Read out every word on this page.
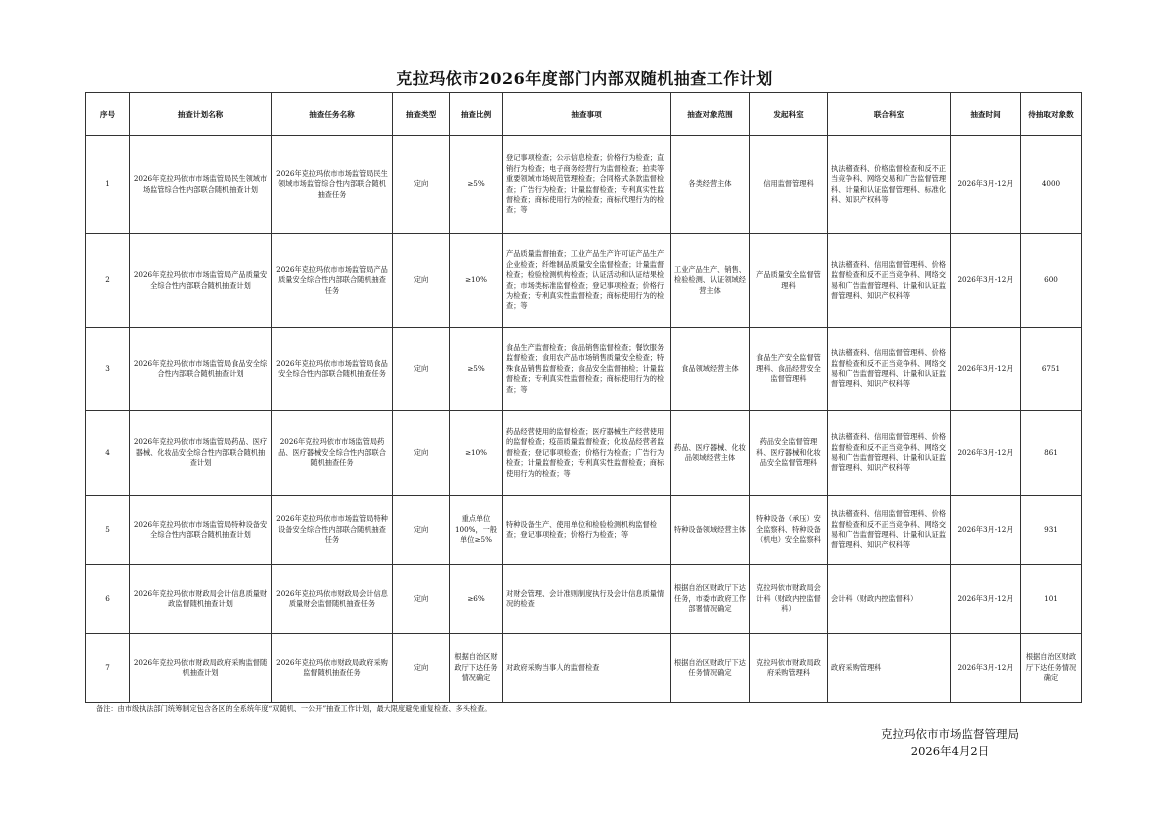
克拉玛依市2026年度部门内部双随机抽查工作计划
序号	抽查计划名称	抽查任务名称	抽查类型	抽查比例	抽查事项	抽查对象范围	发起科室	联合科室	抽查时间	待抽取对象数
1	2026年克拉玛依市市场监管局民生领域市场监管综合性内部联合随机抽查计划	2026年克拉玛依市市场监管局民生领域市场监管综合性内部联合随机抽查任务	定向	≥5%	登记事项检查；公示信息检查；价格行为检查；直销行为检查；电子商务经营行为监督检查；拍卖等重要领域市场规范管理检查；合同格式条款监督检查；广告行为检查；计量监督检查；专利真实性监督检查；商标使用行为的检查；商标代理行为的检查；等	各类经营主体	信用监督管理科	执法稽查科、价格监督检查和反不正当竞争科、网络交易和广告监督管理科、计量和认证监督管理科、标准化科、知识产权科等	2026年3月-12月	4000
2	2026年克拉玛依市市场监管局产品质量安全综合性内部联合随机抽查计划	2026年克拉玛依市市场监管局产品质量安全综合性内部联合随机抽查任务	定向	≥10%	产品质量监督抽查；工业产品生产许可证产品生产企业检查；纤维制品质量安全监督检查；计量监督检查；检验检测机构检查；认证活动和认证结果检查；市场类标准监督检查；登记事项检查；价格行为检查；专利真实性监督检查；商标使用行为的检查；等	工业产品生产、销售、检验检测、认证领域经营主体	产品质量安全监督管理科	执法稽查科、信用监督管理科、价格监督检查和反不正当竞争科、网络交易和广告监督管理科、计量和认证监督管理科、知识产权科等	2026年3月-12月	600
3	2026年克拉玛依市市场监管局食品安全综合性内部联合随机抽查计划	2026年克拉玛依市市场监管局食品安全综合性内部联合随机抽查任务	定向	≥5%	食品生产监督检查；食品销售监督检查；餐饮服务监督检查；食用农产品市场销售质量安全检查；特殊食品销售监督检查；食品安全监督抽检；计量监督检查；专利真实性监督检查；商标使用行为的检查；等	食品领域经营主体	食品生产安全监督管理科、食品经营安全监督管理科	执法稽查科、信用监督管理科、价格监督检查和反不正当竞争科、网络交易和广告监督管理科、计量和认证监督管理科、知识产权科等	2026年3月-12月	6751
4	2026年克拉玛依市市场监管局药品、医疗器械、化妆品安全综合性内部联合随机抽查计划	2026年克拉玛依市市场监管局药品、医疗器械安全综合性内部联合随机抽查任务	定向	≥10%	药品经营使用的监督检查；医疗器械生产经营使用的监督检查；疫苗质量监督检查；化妆品经营者监督检查；登记事项检查；价格行为检查；广告行为检查；计量监督检查；专利真实性监督检查；商标使用行为的检查；等	药品、医疗器械、化妆品领域经营主体	药品安全监督管理科、医疗器械和化妆品安全监督管理科	执法稽查科、信用监督管理科、价格监督检查和反不正当竞争科、网络交易和广告监督管理科、计量和认证监督管理科、知识产权科等	2026年3月-12月	861
5	2026年克拉玛依市市场监管局特种设备安全综合性内部联合随机抽查计划	2026年克拉玛依市市场监管局特种设备安全综合性内部联合随机抽查任务	定向	重点单位100%，一般单位≥5%	特种设备生产、使用单位和检验检测机构监督检查；登记事项检查；价格行为检查；等	特种设备领域经营主体	特种设备（承压）安全监察科、特种设备（机电）安全监察科	执法稽查科、信用监督管理科、价格监督检查和反不正当竞争科、网络交易和广告监督管理科、计量和认证监督管理科、知识产权科等	2026年3月-12月	931
6	2026年克拉玛依市财政局会计信息质量财政监督随机抽查计划	2026年克拉玛依市财政局会计信息质量财会监督随机抽查任务	定向	≥6%	对财会管理、会计准则制度执行及会计信息质量情况的检查	根据自治区财政厅下达任务，市委市政府工作部署情况确定	克拉玛依市财政局会计科（财政内控监督科）	会计科（财政内控监督科）	2026年3月-12月	101
7	2026年克拉玛依市财政局政府采购监督随机抽查计划	2026年克拉玛依市财政局政府采购监督随机抽查任务	定向	根据自治区财政厅下达任务情况确定	对政府采购当事人的监督检查	根据自治区财政厅下达任务情况确定	克拉玛依市财政局政府采购管理科	政府采购管理科	2026年3月-12月	根据自治区财政厅下达任务情况确定
备注：由市级执法部门统筹制定包含各区的全系统年度“双随机、一公开”抽查工作计划，最大限度避免重复检查、多头检查。
克拉玛依市市场监督管理局
2026年4月2日
